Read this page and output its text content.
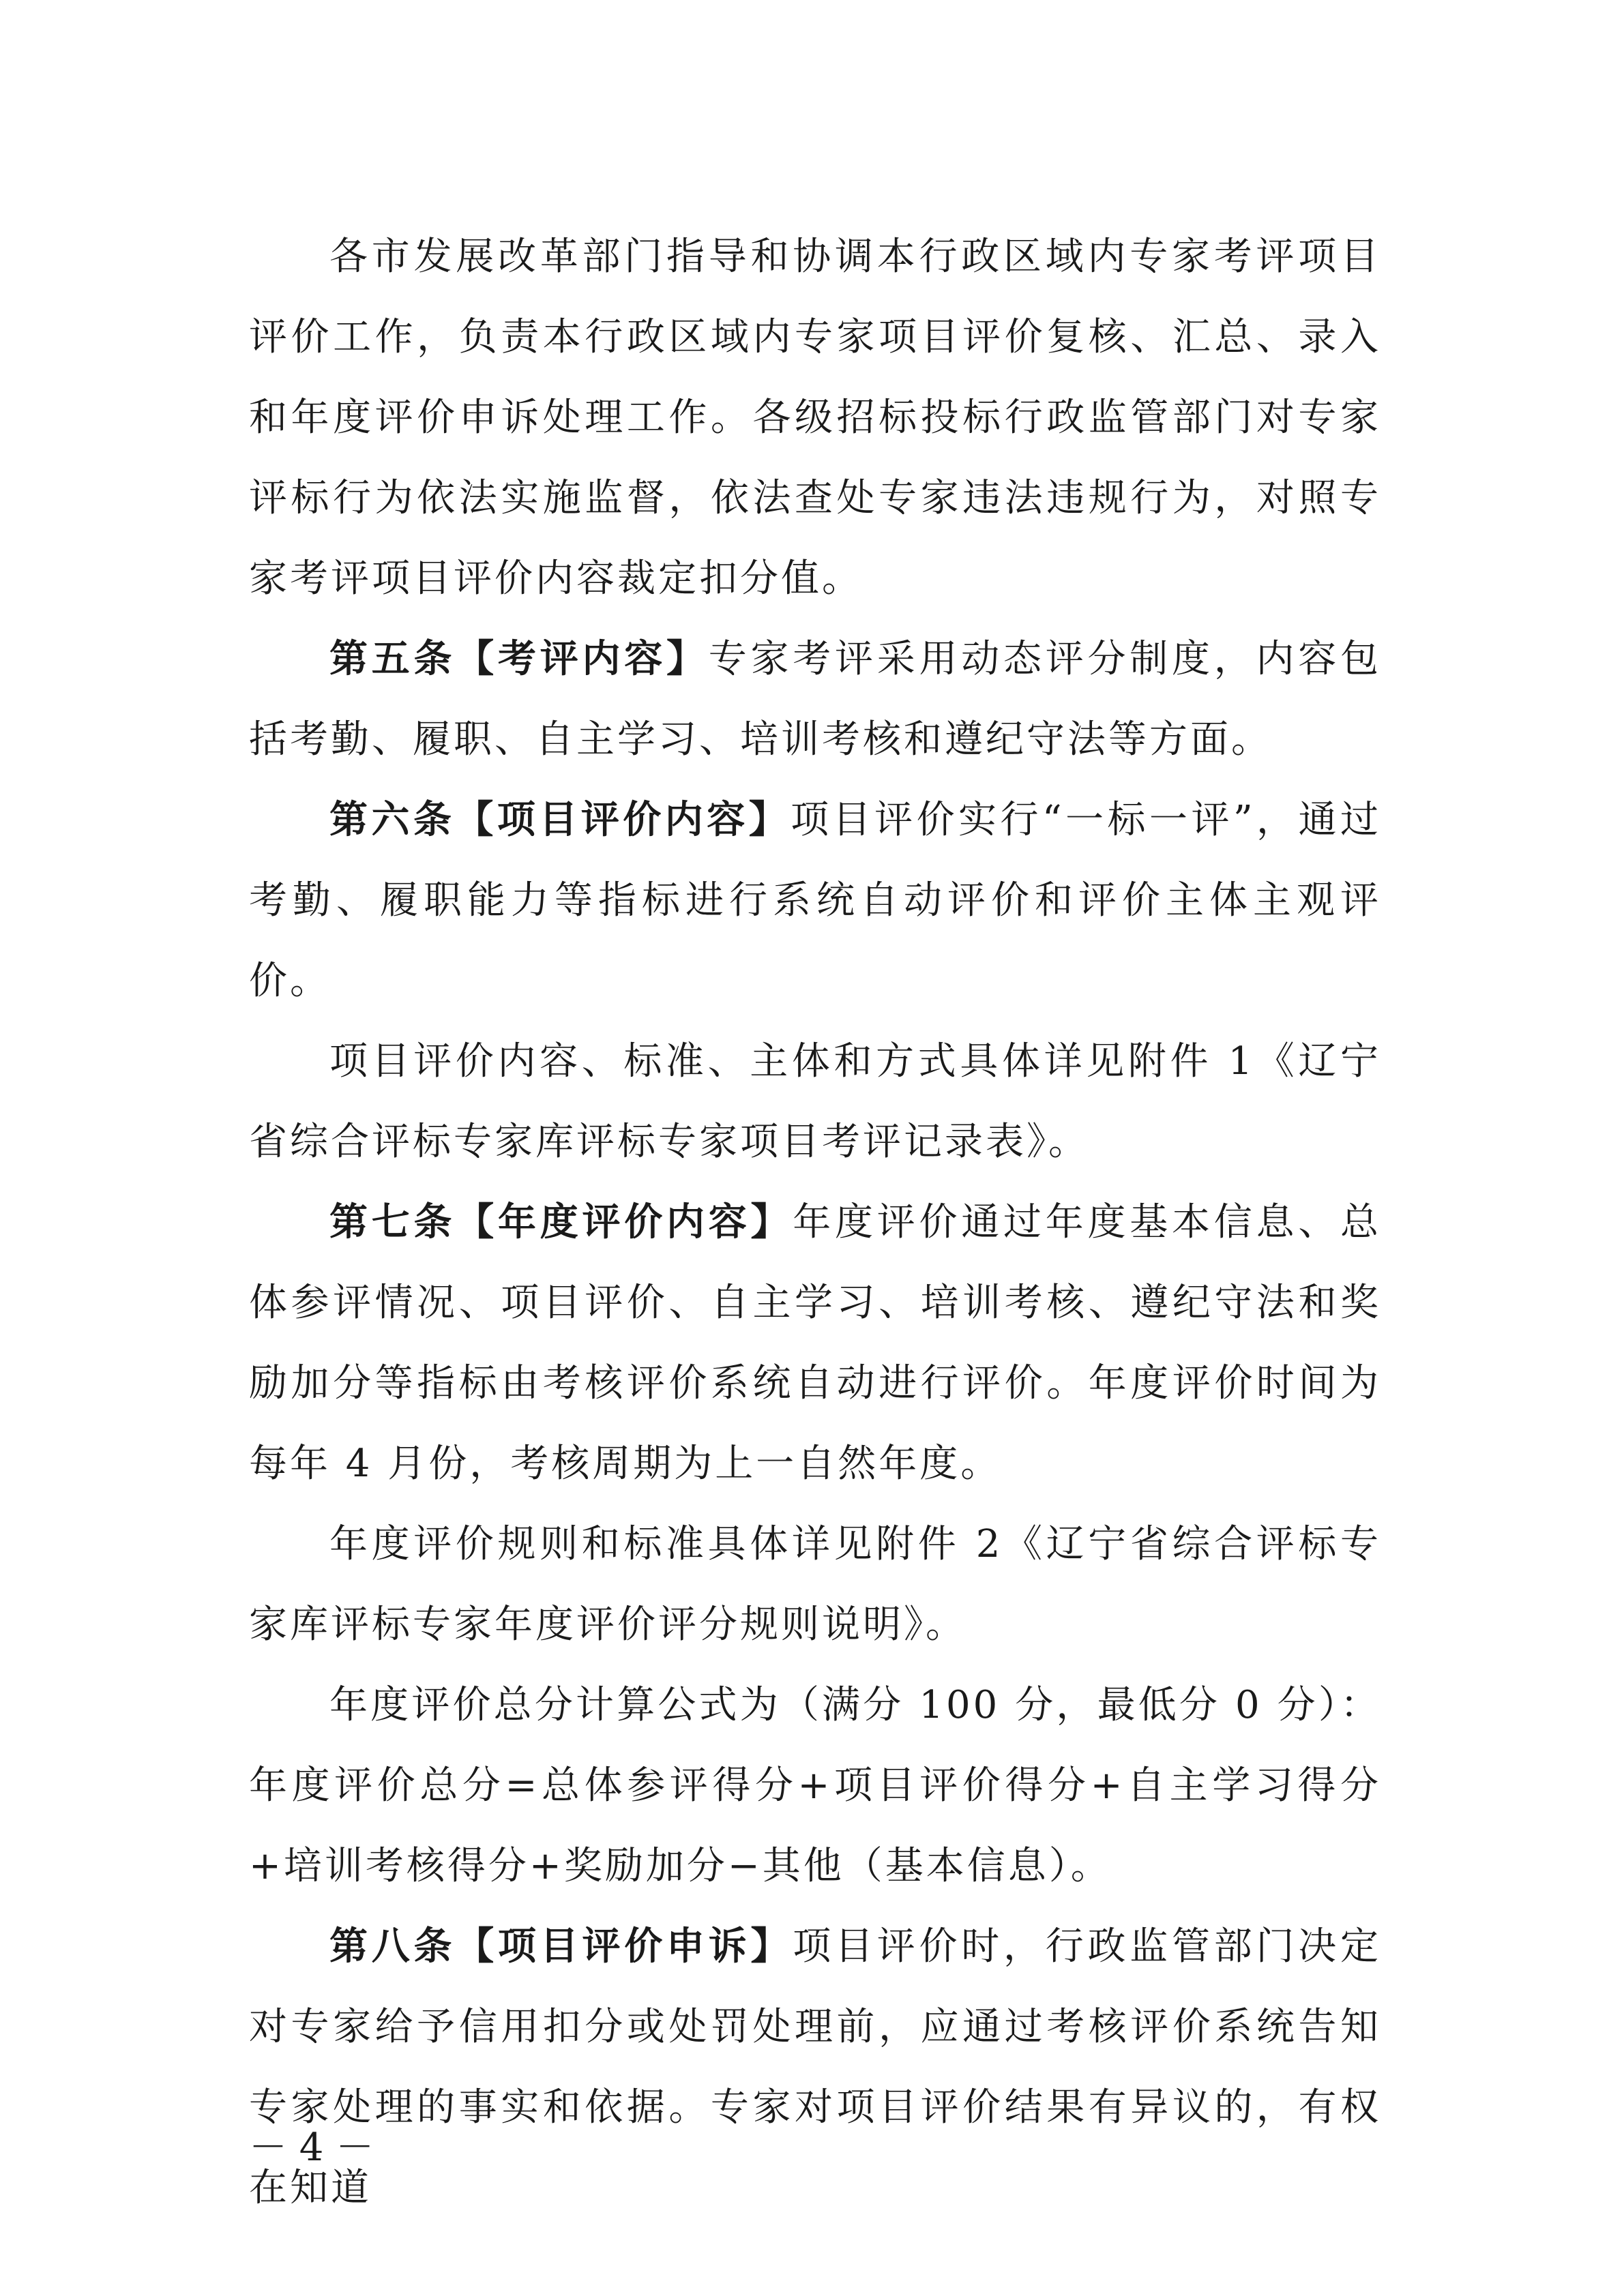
各市发展改革部门指导和协调本行政区域内专家考评项目评价工作，负责本行政区域内专家项目评价复核、汇总、录入和年度评价申诉处理工作。各级招标投标行政监管部门对专家评标行为依法实施监督，依法查处专家违法违规行为，对照专家考评项目评价内容裁定扣分值。

第五条【考评内容】专家考评采用动态评分制度，内容包括考勤、履职、自主学习、培训考核和遵纪守法等方面。

第六条【项目评价内容】项目评价实行“一标一评”，通过考勤、履职能力等指标进行系统自动评价和评价主体主观评价。

项目评价内容、标准、主体和方式具体详见附件 1《辽宁省综合评标专家库评标专家项目考评记录表》。

第七条【年度评价内容】年度评价通过年度基本信息、总体参评情况、项目评价、自主学习、培训考核、遵纪守法和奖励加分等指标由考核评价系统自动进行评价。年度评价时间为每年 4 月份，考核周期为上一自然年度。

年度评价规则和标准具体详见附件 2《辽宁省综合评标专家库评标专家年度评价评分规则说明》。

年度评价总分计算公式为（满分 100 分，最低分 0 分）：年度评价总分=总体参评得分+项目评价得分+自主学习得分+培训考核得分+奖励加分−其他（基本信息）。

第八条【项目评价申诉】项目评价时，行政监管部门决定对专家给予信用扣分或处罚处理前，应通过考核评价系统告知专家处理的事实和依据。专家对项目评价结果有异议的，有权在知道

－ 4 －
